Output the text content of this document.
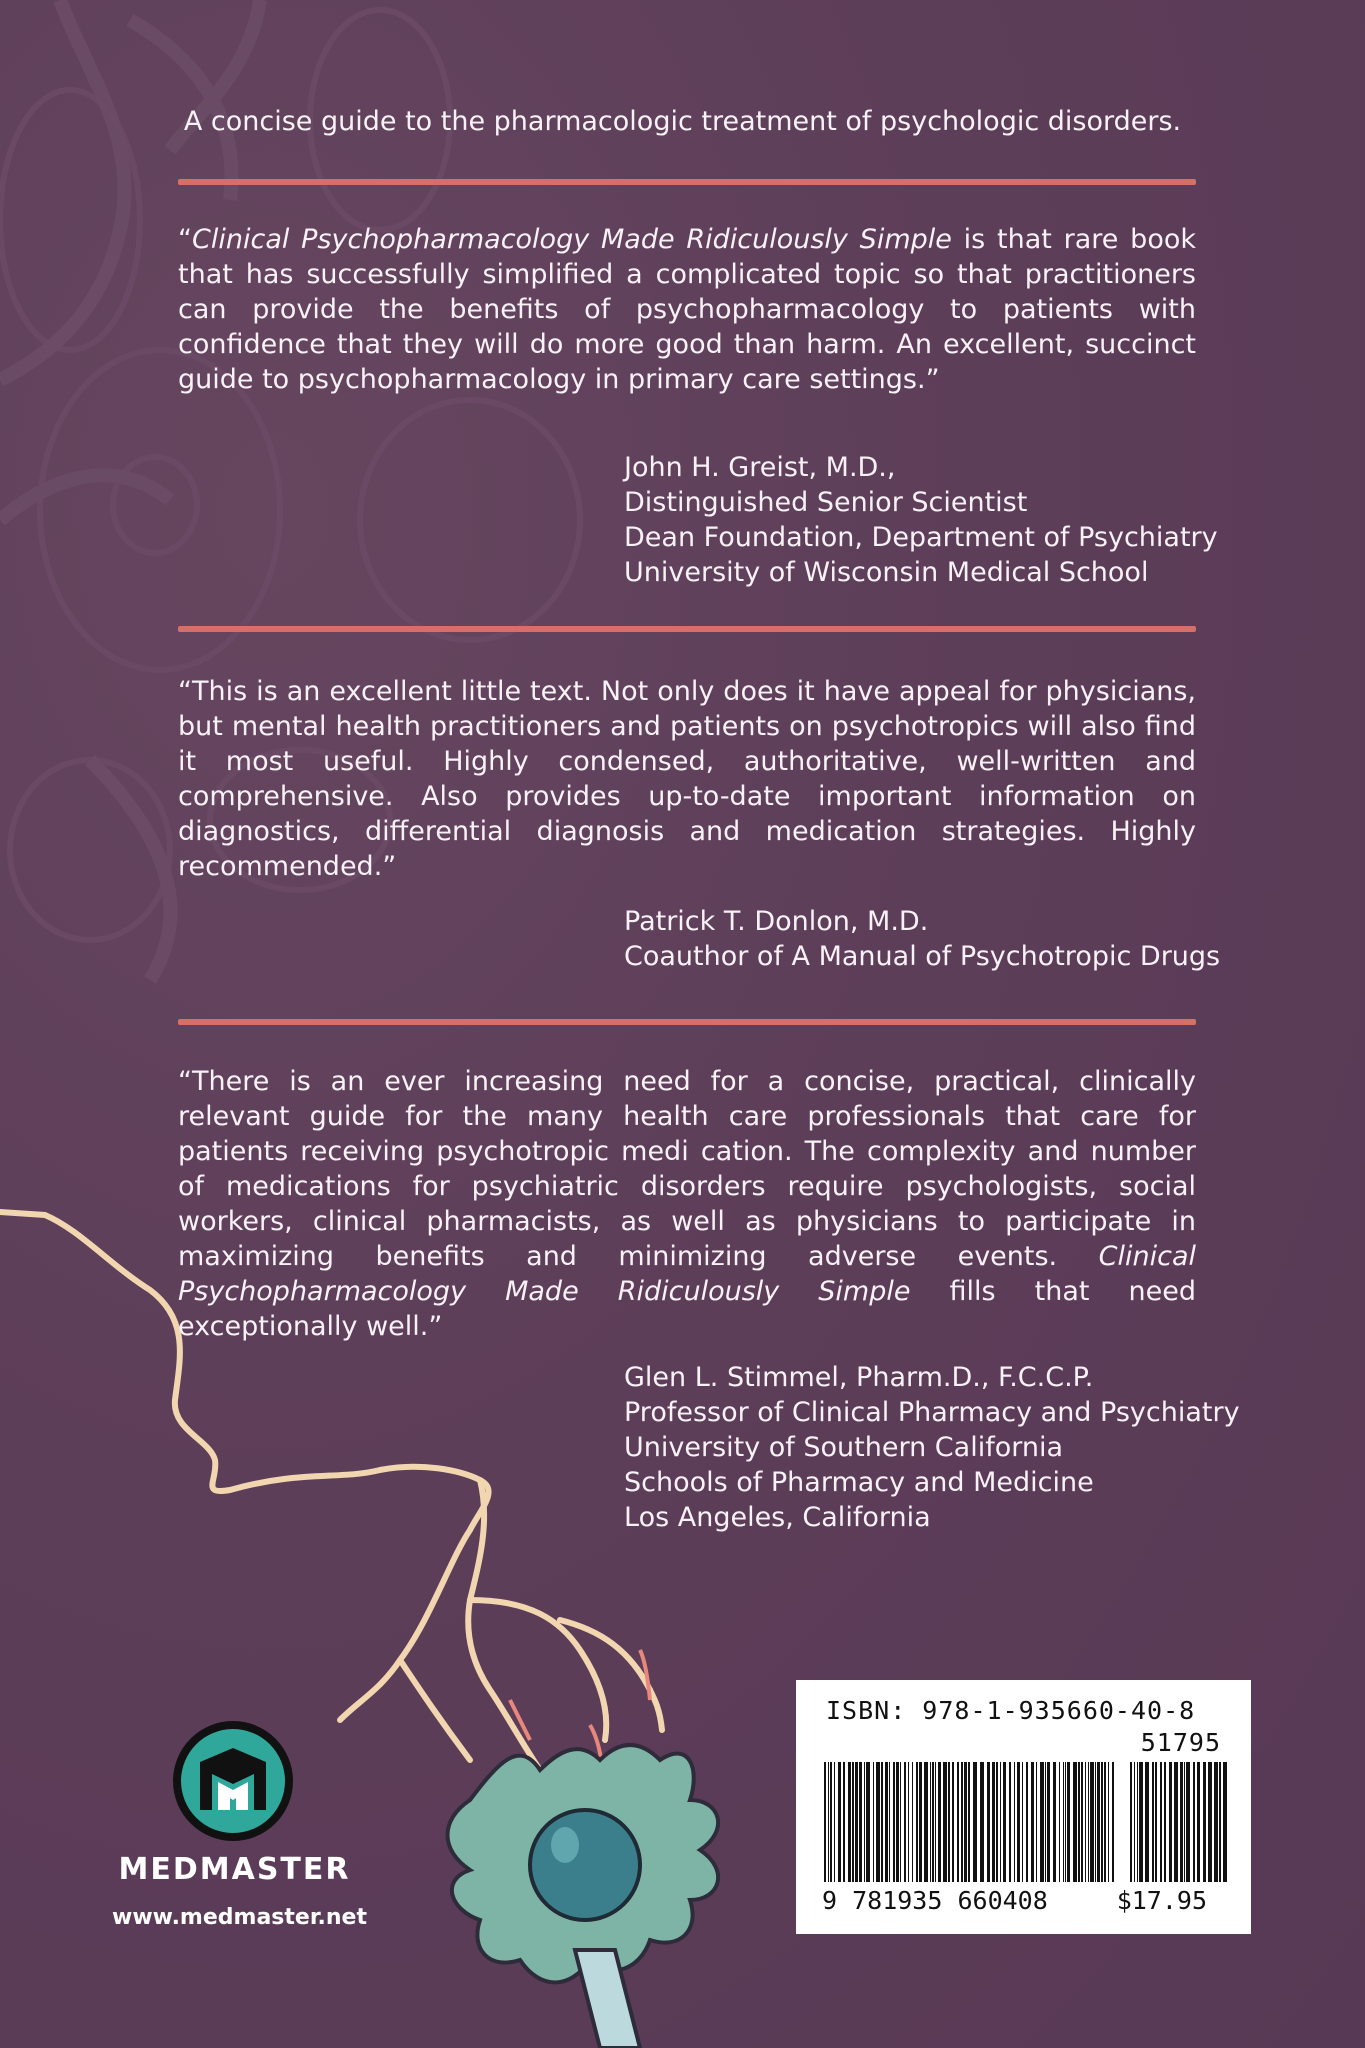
A concise guide to the pharmacologic treatment of psychologic disorders.
“Clinical Psychopharmacology Made Ridiculously Simple is that rare book that has successfully simplified a complicated topic so that practitioners can provide the benefits of psychopharmacology to patients with confidence that they will do more good than harm. An excellent, succinct guide to psychopharmacology in primary care settings.”
John H. Greist, M.D.,
Distinguished Senior Scientist
Dean Foundation, Department of Psychiatry
University of Wisconsin Medical School
“This is an excellent little text. Not only does it have appeal for physicians, but mental health practitioners and patients on psychotropics will also find it most useful. Highly condensed, authoritative, well-written and comprehensive. Also provides up-to-date important information on diagnostics, differential diagnosis and medication strategies. Highly recommended.”
Patrick T. Donlon, M.D.
Coauthor of A Manual of Psychotropic Drugs
“There is an ever increasing need for a concise, practical, clinically relevant guide for the many health care professionals that care for patients receiving psychotropic medi cation. The complexity and number of medications for psychiatric disorders require psychologists, social workers, clinical pharmacists, as well as physicians to participate in maximizing benefits and minimizing adverse events. Clinical Psychopharmacology Made Ridiculously Simple fills that need exceptionally well.”
Glen L. Stimmel, Pharm.D., F.C.C.P.
Professor of Clinical Pharmacy and Psychiatry
University of Southern California
Schools of Pharmacy and Medicine
Los Angeles, California
ISBN: 978-1-935660-40-8
51795
9 781935 660408	$17.95
MEDMASTER
www.medmaster.net
